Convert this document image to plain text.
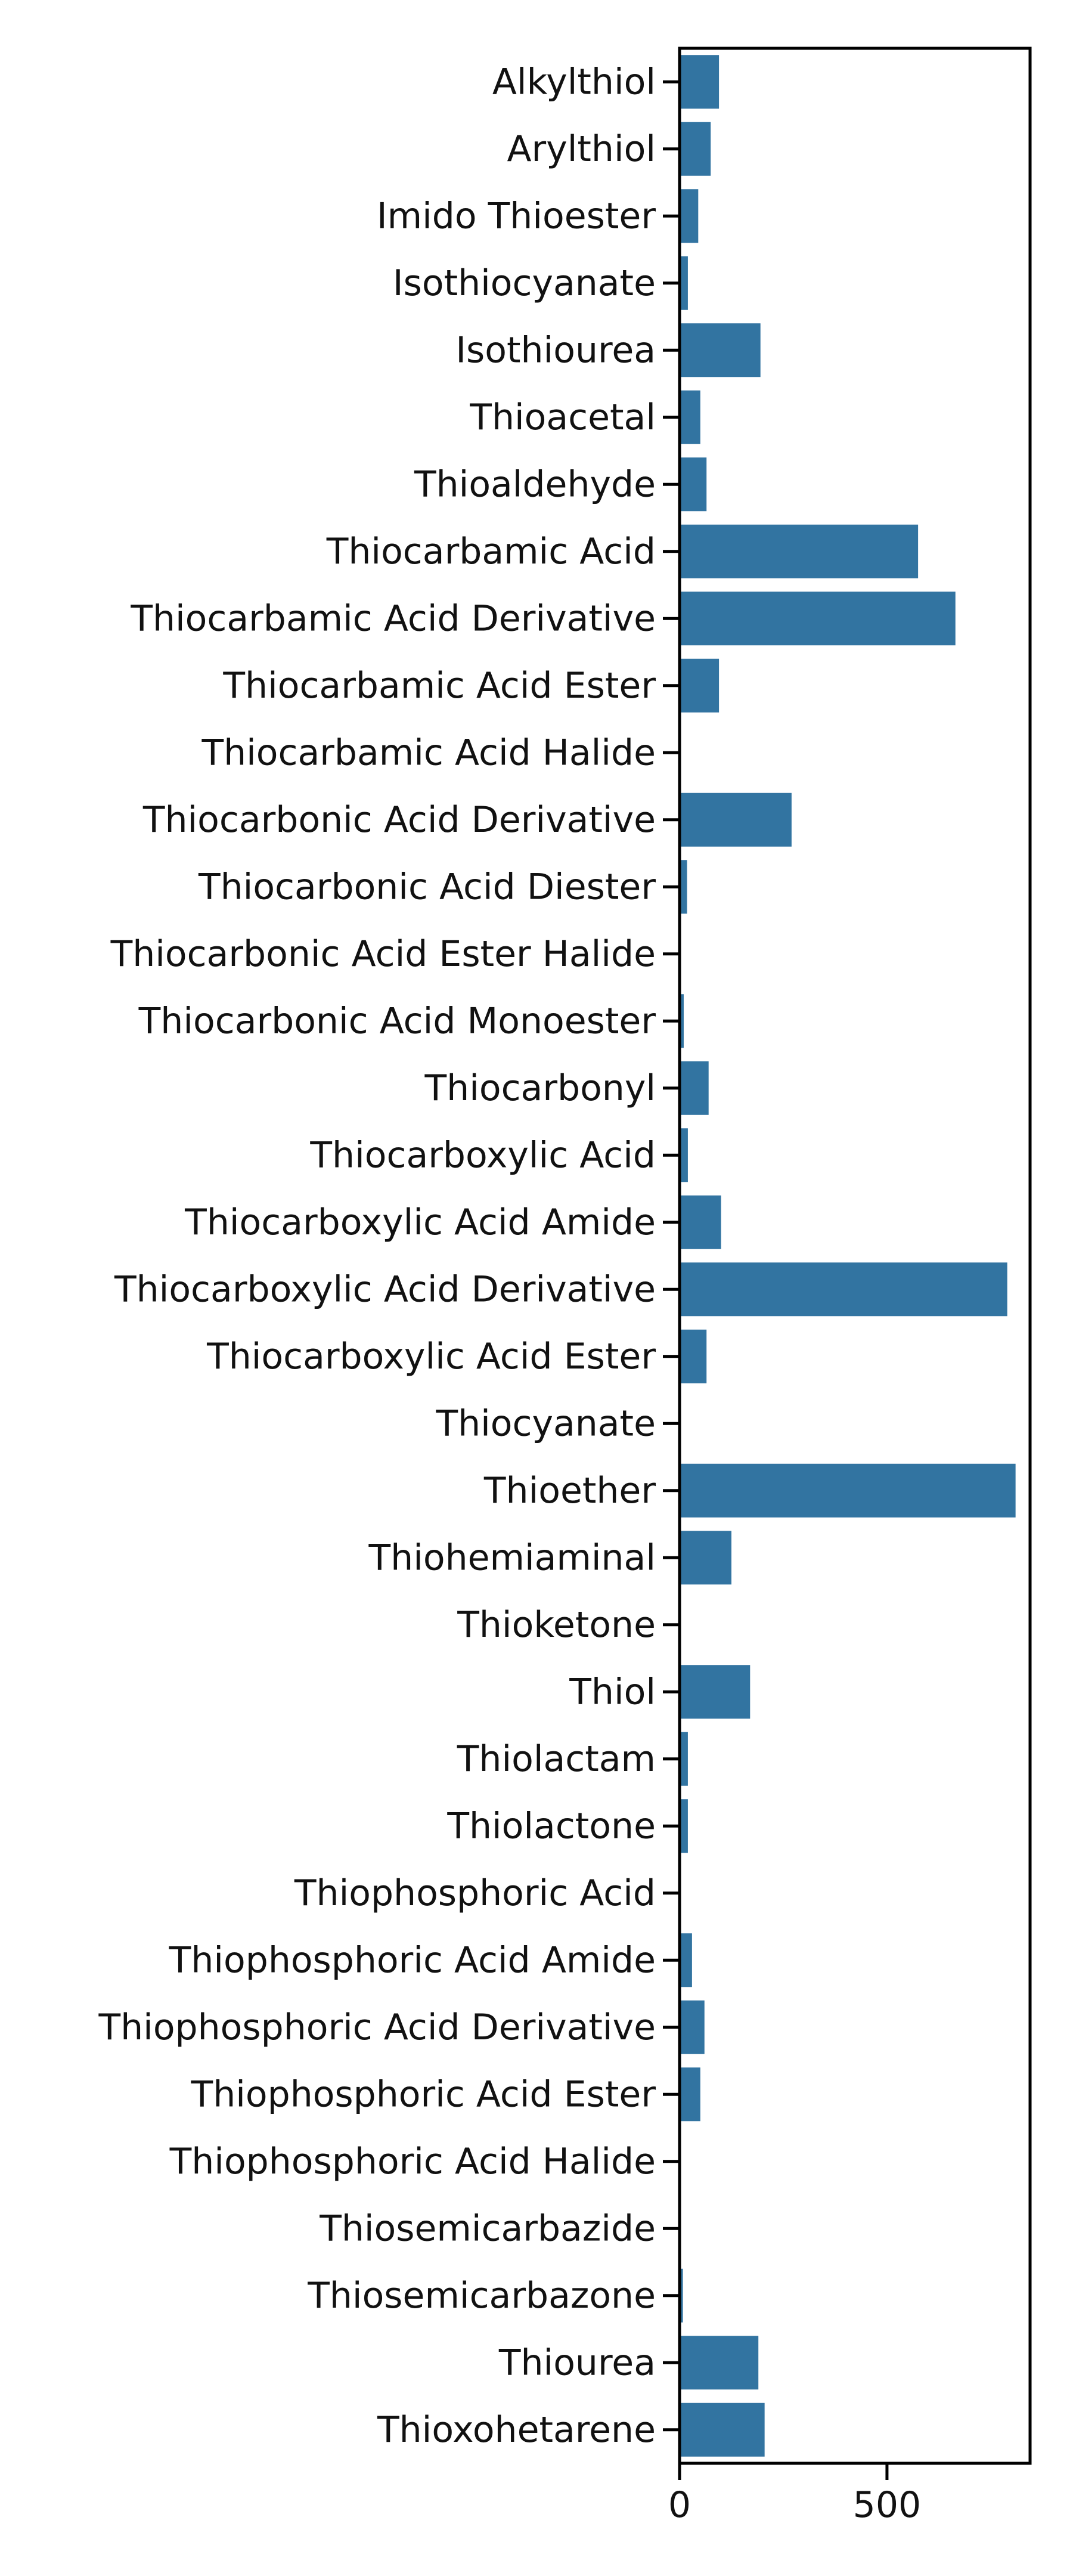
Alkylthiol
Arylthiol
Imido Thioester
Isothiocyanate
Isothiourea
Thioacetal
Thioaldehyde
Thiocarbamic Acid
Thiocarbamic Acid Derivative
Thiocarbamic Acid Ester
Thiocarbamic Acid Halide
Thiocarbonic Acid Derivative
Thiocarbonic Acid Diester
Thiocarbonic Acid Ester Halide
Thiocarbonic Acid Monoester
Thiocarbonyl
Thiocarboxylic Acid
Thiocarboxylic Acid Amide
Thiocarboxylic Acid Derivative
Thiocarboxylic Acid Ester
Thiocyanate
Thioether
Thiohemiaminal
Thioketone
Thiol
Thiolactam
Thiolactone
Thiophosphoric Acid
Thiophosphoric Acid Amide
Thiophosphoric Acid Derivative
Thiophosphoric Acid Ester
Thiophosphoric Acid Halide
Thiosemicarbazide
Thiosemicarbazone
Thiourea
Thioxohetarene
0	500
